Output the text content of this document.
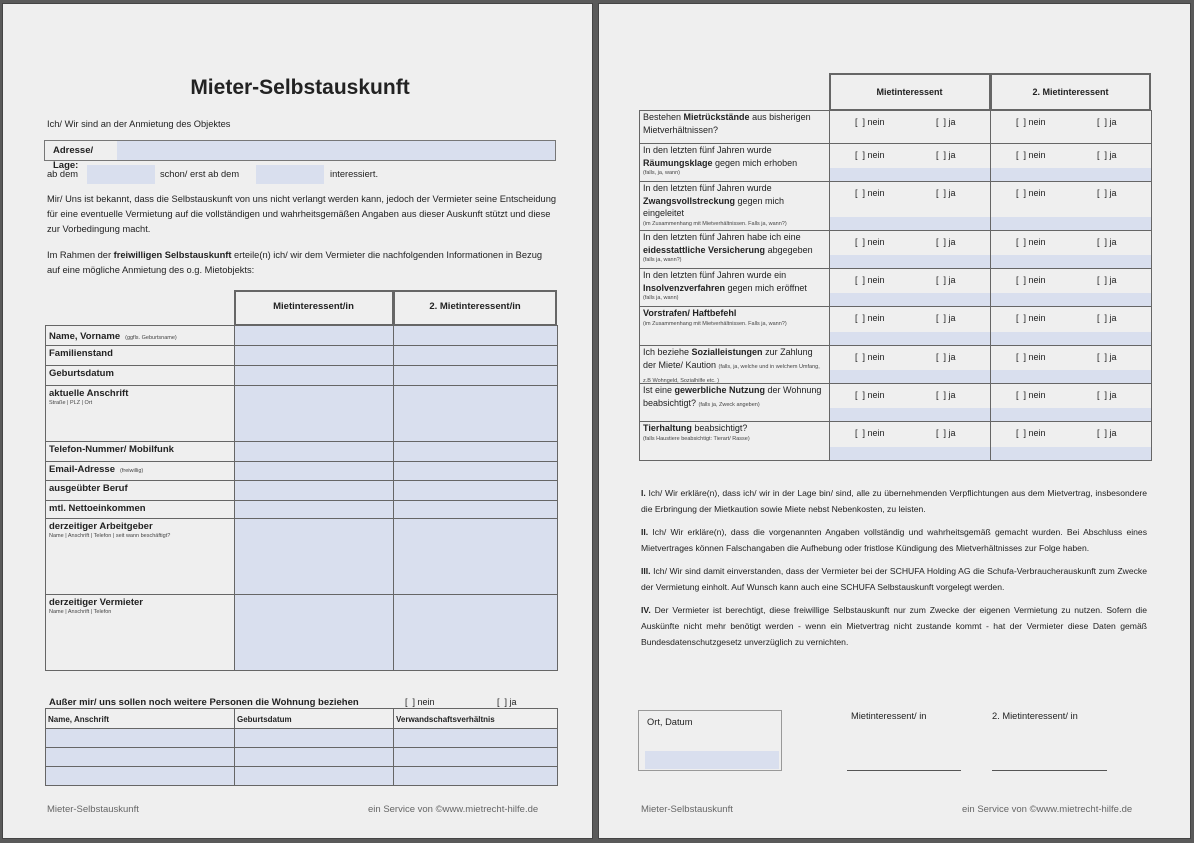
Mieter-Selbstauskunft
Ich/ Wir sind an der Anmietung des Objektes
Adresse/ Lage:
ab dem	schon/ erst ab dem	interessiert.
Mir/ Uns ist bekannt, dass die Selbstauskunft von uns nicht verlangt werden kann, jedoch der Vermieter seine Entscheidung für eine eventuelle Vermietung auf die vollständigen und wahrheitsgemäßen Angaben aus dieser Auskunft stützt und diese zur Vorbedingung macht.
Im Rahmen der freiwilligen Selbstauskunft erteile(n) ich/ wir dem Vermieter die nachfolgenden Informationen in Bezug auf eine mögliche Anmietung des o.g. Mietobjekts:
Außer mir/ uns sollen noch weitere Personen die Wohnung beziehen	[ ] nein	[ ] ja
Mieter-Selbstauskunft	ein Service von ©www.mietrecht-hilfe.de
I. Ich/ Wir erkläre(n), dass ich/ wir in der Lage bin/ sind, alle zu übernehmenden Verpflichtungen aus dem Mietvertrag, insbesondere die Erbringung der Mietkaution sowie Miete nebst Nebenkosten, zu leisten.
II. Ich/ Wir erkläre(n), dass die vorgenannten Angaben vollständig und wahrheitsgemäß gemacht wurden. Bei Abschluss eines Mietvertrages können Falschangaben die Aufhebung oder fristlose Kündigung des Mietverhältnisses zur Folge haben.
III. Ich/ Wir sind damit einverstanden, dass der Vermieter bei der SCHUFA Holding AG die Schufa-Verbraucherauskunft zum Zwecke der Vermietung einholt. Auf Wunsch kann auch eine SCHUFA Selbstauskunft vorgelegt werden.
IV. Der Vermieter ist berechtigt, diese freiwillige Selbstauskunft nur zum Zwecke der eigenen Vermietung zu nutzen. Sofern die Auskünfte nicht mehr benötigt werden - wenn ein Mietvertrag nicht zustande kommt - hat der Vermieter diese Daten gemäß Bundesdatenschutzgesetz unverzüglich zu vernichten.
Ort, Datum
Mietinteressent/ in	2. Mietinteressent/ in
Mieter-Selbstauskunft	ein Service von ©www.mietrecht-hilfe.de
Mietinteressent/in	2. Mietinteressent/in
Name, Vorname (ggfls. Geburtsname)
Familienstand
Geburtsdatum
aktuelle Anschrift
Straße | PLZ | Ort
Telefon-Nummer/ Mobilfunk
Email-Adresse (freiwillig)
ausgeübter Beruf
mtl. Nettoeinkommen
derzeitiger Arbeitgeber
Name | Anschrift | Telefon | seit wann beschäftigt?
derzeitiger Vermieter
Name | Anschrift | Telefon
Name, Anschrift	Geburtsdatum	Verwandschaftsverhältnis
Mietinteressent	2. Mietinteressent
Bestehen Mietrückstände aus bisherigen Mietverhältnissen?
[ ] nein	[ ] ja	[ ] nein	[ ] ja
In den letzten fünf Jahren wurde Räumungsklage gegen mich erhoben
(falls, ja, wann)
[ ] nein	[ ] ja	[ ] nein	[ ] ja
In den letzten fünf Jahren wurde Zwangsvollstreckung gegen mich eingeleitet
(im Zusammenhang mit Mietverhältnissen. Falls ja, wann?)
[ ] nein	[ ] ja	[ ] nein	[ ] ja
In den letzten fünf Jahren habe ich eine eidesstattliche Versicherung abgegeben
(falls ja, wann?)
[ ] nein	[ ] ja	[ ] nein	[ ] ja
In den letzten fünf Jahren wurde ein Insolvenzverfahren gegen mich eröffnet
(falls ja, wann)
[ ] nein	[ ] ja	[ ] nein	[ ] ja
Vorstrafen/ Haftbefehl
(im Zusammenhang mit Mietverhältnissen. Falls ja, wann?)
[ ] nein	[ ] ja	[ ] nein	[ ] ja
Ich beziehe Sozialleistungen zur Zahlung der Miete/ Kaution (falls, ja, welche und in welchem Umfang, z.B Wohngeld, Sozialhilfe etc. )
[ ] nein	[ ] ja	[ ] nein	[ ] ja
Ist eine gewerbliche Nutzung der Wohnung beabsichtigt? (falls ja, Zweck angeben)
[ ] nein	[ ] ja	[ ] nein	[ ] ja
Tierhaltung beabsichtigt?
(falls Haustiere beabsichtigt: Tierart/ Rasse)
[ ] nein	[ ] ja	[ ] nein	[ ] ja
